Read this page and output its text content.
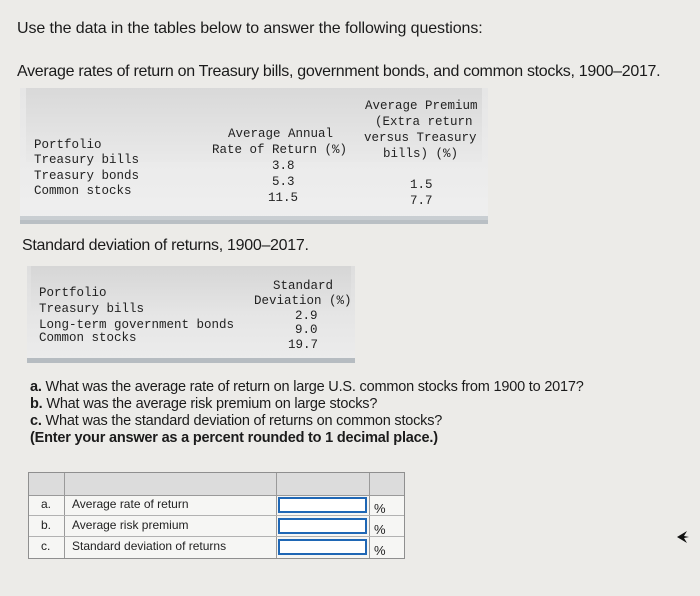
Use the data in the tables below to answer the following questions:
Average rates of return on Treasury bills, government bonds, and common stocks, 1900–2017.
Portfolio
Average Annual
Rate of Return (%)
Average Premium
(Extra return
versus Treasury
bills) (%)
Treasury bills
Treasury bonds
Common stocks
3.8
5.3
11.5
1.5
7.7
Standard deviation of returns, 1900–2017.
Portfolio	Standard
Deviation (%)
Treasury bills
Long-term government bonds
Common stocks
2.9
9.0
19.7
a. What was the average rate of return on large U.S. common stocks from 1900 to 2017?
b. What was the average risk premium on large stocks?
c. What was the standard deviation of returns on common stocks?
(Enter your answer as a percent rounded to 1 decimal place.)
a.
b.
c.
Average rate of return
Average risk premium
Standard deviation of returns
%
%
%
